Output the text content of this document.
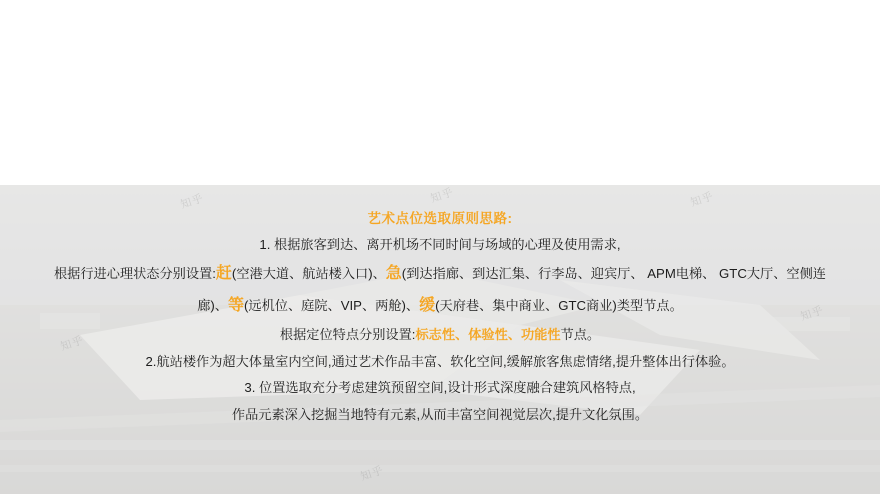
知乎	知乎	知乎
知乎
知乎
知乎

艺术点位选取原则思路:

1. 根据旅客到达、离开机场不同时间与场域的心理及使用需求,

根据行进心理状态分别设置:赶(空港大道、航站楼入口)、急(到达指廊、到达汇集、行李岛、迎宾厅、 APM电梯、 GTC大厅、空侧连廊)、等(远机位、庭院、VIP、两舱)、缓(天府巷、集中商业、GTC商业)类型节点。

根据定位特点分别设置:标志性、体验性、功能性节点。

2.航站楼作为超大体量室内空间,通过艺术作品丰富、软化空间,缓解旅客焦虑情绪,提升整体出行体验。

3. 位置选取充分考虑建筑预留空间,设计形式深度融合建筑风格特点,

作品元素深入挖掘当地特有元素,从而丰富空间视觉层次,提升文化氛围。
